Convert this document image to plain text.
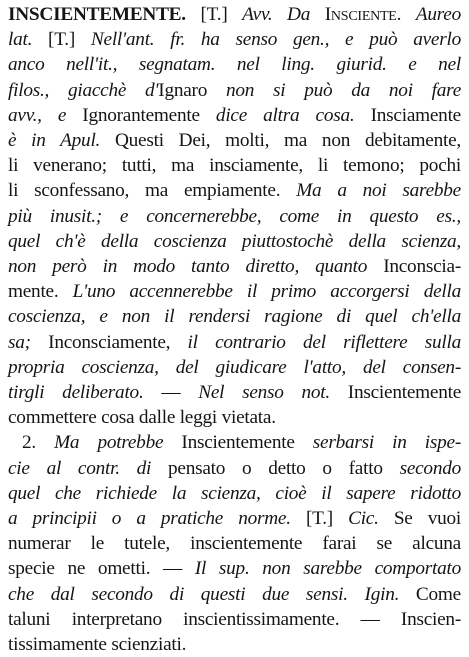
INSCIENTEMENTE. [T.] Avv. Da Insciente. Aureo
lat. [T.] Nell'ant. fr. ha senso gen., e può averlo
anco nell'it., segnatam. nel ling. giurid. e nel
filos., giacchè d'Ignaro non si può da noi fare
avv., e Ignorantemente dice altra cosa. Insciamente
è in Apul. Questi Dei, molti, ma non debitamente,
li venerano; tutti, ma insciamente, li temono; pochi
li sconfessano, ma empiamente. Ma a noi sarebbe
più inusit.; e concernerebbe, come in questo es.,
quel ch'è della coscienza piuttostochè della scienza,
non però in modo tanto diretto, quanto Inconscia-
mente. L'uno accennerebbe il primo accorgersi della
coscienza, e non il rendersi ragione di quel ch'ella
sa; Inconsciamente, il contrario del riflettere sulla
propria coscienza, del giudicare l'atto, del consen-
tirgli deliberato. — Nel senso not. Inscientemente
commettere cosa dalle leggi vietata.
2. Ma potrebbe Inscientemente serbarsi in ispe-
cie al contr. di pensato o detto o fatto secondo
quel che richiede la scienza, cioè il sapere ridotto
a principii o a pratiche norme. [T.] Cic. Se vuoi
numerar le tutele, inscientemente farai se alcuna
specie ne ometti. — Il sup. non sarebbe comportato
che dal secondo di questi due sensi. Igin. Come
taluni interpretano inscientissimamente. — Inscien-
tissimamente scienziati.
